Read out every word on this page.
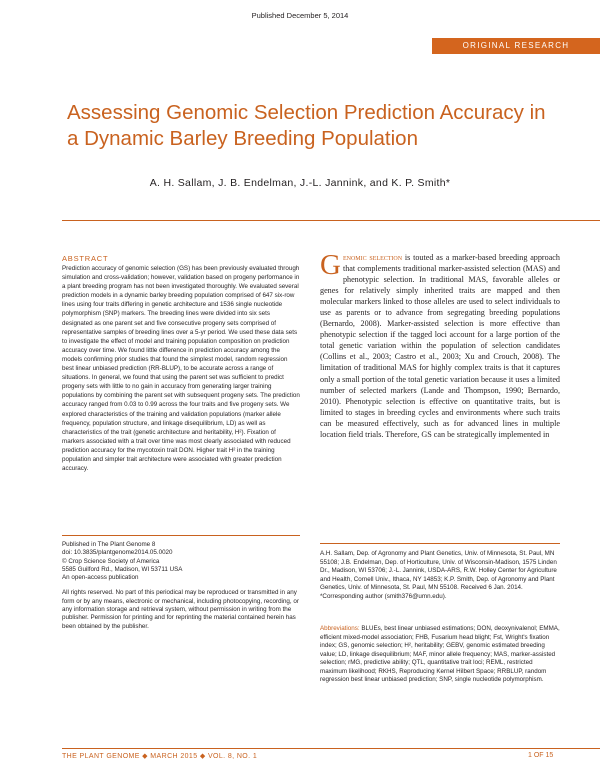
Published December 5, 2014
ORIGINAL RESEARCH
Assessing Genomic Selection Prediction Accuracy in a Dynamic Barley Breeding Population
A. H. Sallam, J. B. Endelman, J.-L. Jannink, and K. P. Smith*
ABSTRACT
Prediction accuracy of genomic selection (GS) has been previously evaluated through simulation and cross-validation; however, validation based on progeny performance in a plant breeding program has not been investigated thoroughly. We evaluated several prediction models in a dynamic barley breeding population comprised of 647 six-row lines using four traits differing in genetic architecture and 1536 single nucleotide polymorphism (SNP) markers. The breeding lines were divided into six sets designated as one parent set and five consecutive progeny sets comprised of representative samples of breeding lines over a 5-yr period. We used these data sets to investigate the effect of model and training population composition on prediction accuracy over time. We found little difference in prediction accuracy among the models confirming prior studies that found the simplest model, random regression best linear unbiased prediction (RR-BLUP), to be accurate across a range of situations. In general, we found that using the parent set was sufficient to predict progeny sets with little to no gain in accuracy from generating larger training populations by combining the parent set with subsequent progeny sets. The prediction accuracy ranged from 0.03 to 0.99 across the four traits and five progeny sets. We explored characteristics of the training and validation populations (marker allele frequency, population structure, and linkage disequilibrium, LD) as well as characteristics of the trait (genetic architecture and heritability, H²). Fixation of markers associated with a trait over time was most clearly associated with reduced prediction accuracy for the mycotoxin trait DON. Higher trait H² in the training population and simpler trait architecture were associated with greater prediction accuracy.
Published in The Plant Genome 8
doi: 10.3835/plantgenome2014.05.0020
© Crop Science Society of America
5585 Guilford Rd., Madison, WI 53711 USA
An open-access publication
All rights reserved. No part of this periodical may be reproduced or transmitted in any form or by any means, electronic or mechanical, including photocopying, recording, or any information storage and retrieval system, without permission in writing from the publisher. Permission for printing and for reprinting the material contained herein has been obtained by the publisher.
Genomic selection is touted as a marker-based breeding approach that complements traditional marker-assisted selection (MAS) and phenotypic selection. In traditional MAS, favorable alleles or genes for relatively simply inherited traits are mapped and then molecular markers linked to those alleles are used to select individuals to use as parents or to advance from segregating breeding populations (Bernardo, 2008). Marker-assisted selection is more effective than phenotypic selection if the tagged loci account for a large portion of the total genetic variation within the population of selection candidates (Collins et al., 2003; Castro et al., 2003; Xu and Crouch, 2008). The limitation of traditional MAS for highly complex traits is that it captures only a small portion of the total genetic variation because it uses a limited number of selected markers (Lande and Thompson, 1990; Bernardo, 2010). Phenotypic selection is effective on quantitative traits, but is limited to stages in breeding cycles and environments where such traits can be measured effectively, such as for advanced lines in multiple location field trials. Therefore, GS can be strategically implemented in
A.H. Sallam, Dep. of Agronomy and Plant Genetics, Univ. of Minnesota, St. Paul, MN 55108; J.B. Endelman, Dep. of Horticulture, Univ. of Wisconsin-Madison, 1575 Linden Dr., Madison, WI 53706; J.-L. Jannink, USDA-ARS, R.W. Holley Center for Agriculture and Health, Cornell Univ., Ithaca, NY 14853; K.P. Smith, Dep. of Agronomy and Plant Genetics, Univ. of Minnesota, St. Paul, MN 55108. Received 6 Jan. 2014. *Corresponding author (smith376@umn.edu).
Abbreviations: BLUEs, best linear unbiased estimations; DON, deoxynivalenol; EMMA, efficient mixed-model association; FHB, Fusarium head blight; Fst, Wright's fixation index; GS, genomic selection; H², heritability; GEBV, genomic estimated breeding value; LD, linkage disequilibrium; MAF, minor allele frequency; MAS, marker-assisted selection; rMG, predictive ability; QTL, quantitative trait loci; REML, restricted maximum likelihood; RKHS, Reproducing Kernel Hilbert Space; RRBLUP, random regression best linear unbiased prediction; SNP, single nucleotide polymorphism.
THE PLANT GENOME ◆ MARCH 2015 ◆ VOL. 8, NO. 1	1 OF 15
